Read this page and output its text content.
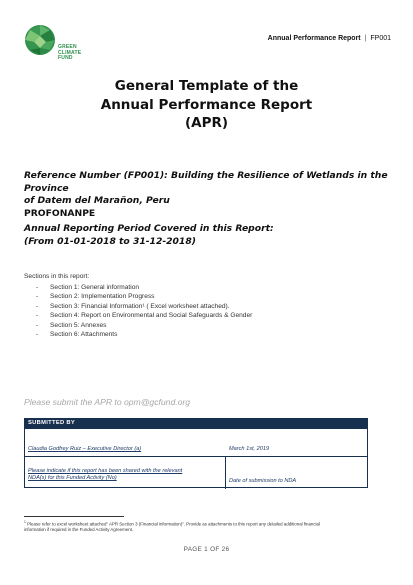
GREEN
CLIMATE
FUND
Annual Performance Report | FP001
General Template of the
Annual Performance Report
(APR)
Reference Number (FP001): Building the Resilience of Wetlands in the Province
of Datem del Marañon, Peru
PROFONANPE
Annual Reporting Period Covered in this Report:
(From 01-01-2018 to 31-12-2018)
Sections in this report:
- Section 1: General information
- Section 2: Implementation Progress
- Section 3: Financial Information¹ ( Excel worksheet attached).
- Section 4: Report on Environmental and Social Safeguards & Gender
- Section 5: Annexes
- Section 6: Attachments
Please submit the APR to opm@gcfund.org
SUBMITTED BY
Claudia Godfrey Ruiz – Executive Director (a)	March 1st, 2019
Please indicate if this report has been shared with the relevant
NDA(s) for this Funded Activity (No)	Date of submission to NDA
$^1$ Please refer to excel worksheet attached" APR Section 3 (Financial information)". Provide as attachments to this report any detailed additional financial
information if required in the Funded Activity Agreement.
PAGE 1 OF 26
